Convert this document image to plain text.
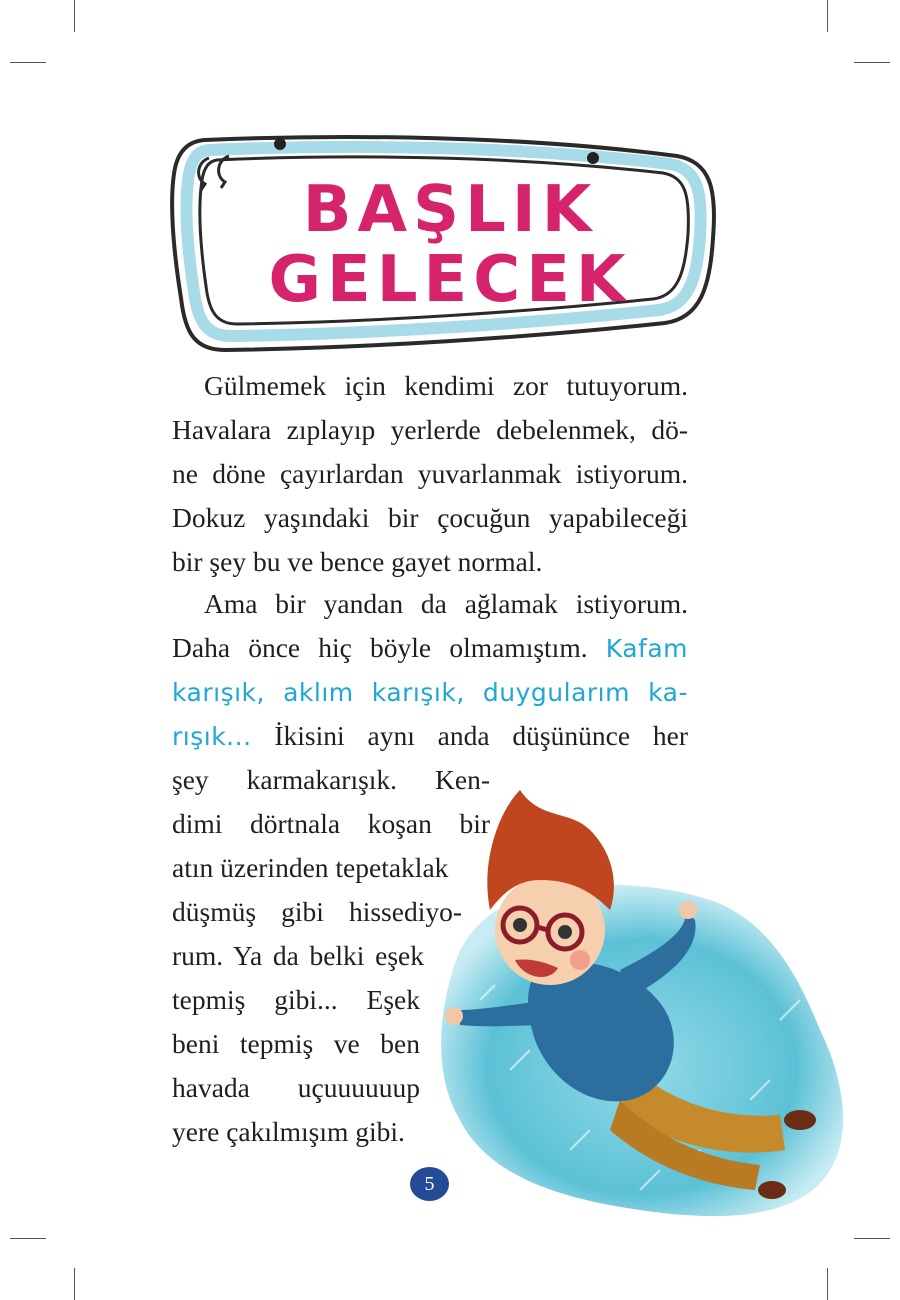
BAŞLIK
GELECEK
Gülmemek için kendimi zor tutuyorum.
Havalara zıplayıp yerlerde debelenmek, dö-
ne döne çayırlardan yuvarlanmak istiyorum.
Dokuz yaşındaki bir çocuğun yapabileceği
bir şey bu ve bence gayet normal.
Ama bir yandan da ağlamak istiyorum.
Daha önce hiç böyle olmamıştım. Kafam
karışık, aklım karışık, duygularım ka-
rışık... İkisini aynı anda düşününce her
şey karmakarışık. Ken-
dimi dörtnala koşan bir
atın üzerinden tepetaklak
düşmüş gibi hissediyo-
rum. Ya da belki eşek
tepmiş gibi... Eşek
beni tepmiş ve ben
havada uçuuuuuup
yere çakılmışım gibi.
5
